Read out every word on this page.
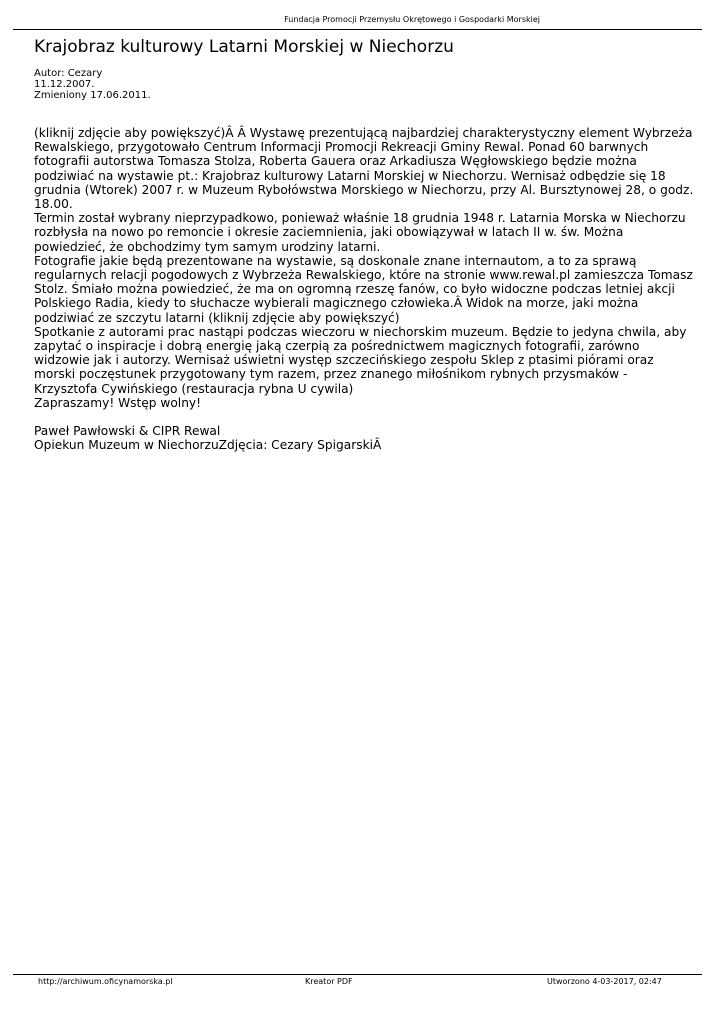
Fundacja Promocji Przemysłu Okrętowego i Gospodarki Morskiej
Krajobraz kulturowy Latarni Morskiej w Niechorzu
Autor: Cezary
11.12.2007.
Zmieniony 17.06.2011.

(kliknij zdjęcie aby powiększyć)Â Â Wystawę prezentującą najbardziej charakterystyczny element Wybrzeża Rewalskiego, przygotowało Centrum Informacji Promocji Rekreacji Gminy Rewal. Ponad 60 barwnych fotografii autorstwa Tomasza Stolza, Roberta Gauera oraz Arkadiusza Węgłowskiego będzie można podziwiać na wystawie pt.: Krajobraz kulturowy Latarni Morskiej w Niechorzu. Wernisaż odbędzie się 18 grudnia (Wtorek) 2007 r. w Muzeum Rybołówstwa Morskiego w Niechorzu, przy Al. Bursztynowej 28, o godz. 18.00.

Termin został wybrany nieprzypadkowo, ponieważ właśnie 18 grudnia 1948 r. Latarnia Morska w Niechorzu rozbłysła na nowo po remoncie i okresie zaciemnienia, jaki obowiązywał w latach II w. św. Można powiedzieć, że obchodzimy tym samym urodziny latarni.

Fotografie jakie będą prezentowane na wystawie, są doskonale znane internautom, a to za sprawą regularnych relacji pogodowych z Wybrzeża Rewalskiego, które na stronie www.rewal.pl zamieszcza Tomasz Stolz. Śmiało można powiedzieć, że ma on ogromną rzeszę fanów, co było widoczne podczas letniej akcji Polskiego Radia, kiedy to słuchacze wybierali magicznego człowieka.Â Widok na morze, jaki można podziwiać ze szczytu latarni (kliknij zdjęcie aby powiększyć)

Spotkanie z autorami prac nastąpi podczas wieczoru w niechorskim muzeum. Będzie to jedyna chwila, aby zapytać o inspiracje i dobrą energię jaką czerpią za pośrednictwem magicznych fotografii, zarówno widzowie jak i autorzy. Wernisaż uświetni występ szczecińskiego zespołu Sklep z ptasimi piórami oraz morski poczęstunek przygotowany tym razem, przez znanego miłośnikom rybnych przysmaków - Krzysztofa Cywińskiego (restauracja rybna U cywila)

Zapraszamy! Wstęp wolny!

Paweł Pawłowski & CIPR Rewal

Opiekun Muzeum w NiechorzuZdjęcia: Cezary SpigarskiÂ

http://archiwum.oficynamorska.pl	Kreator PDF	Utworzono 4-03-2017, 02:47
